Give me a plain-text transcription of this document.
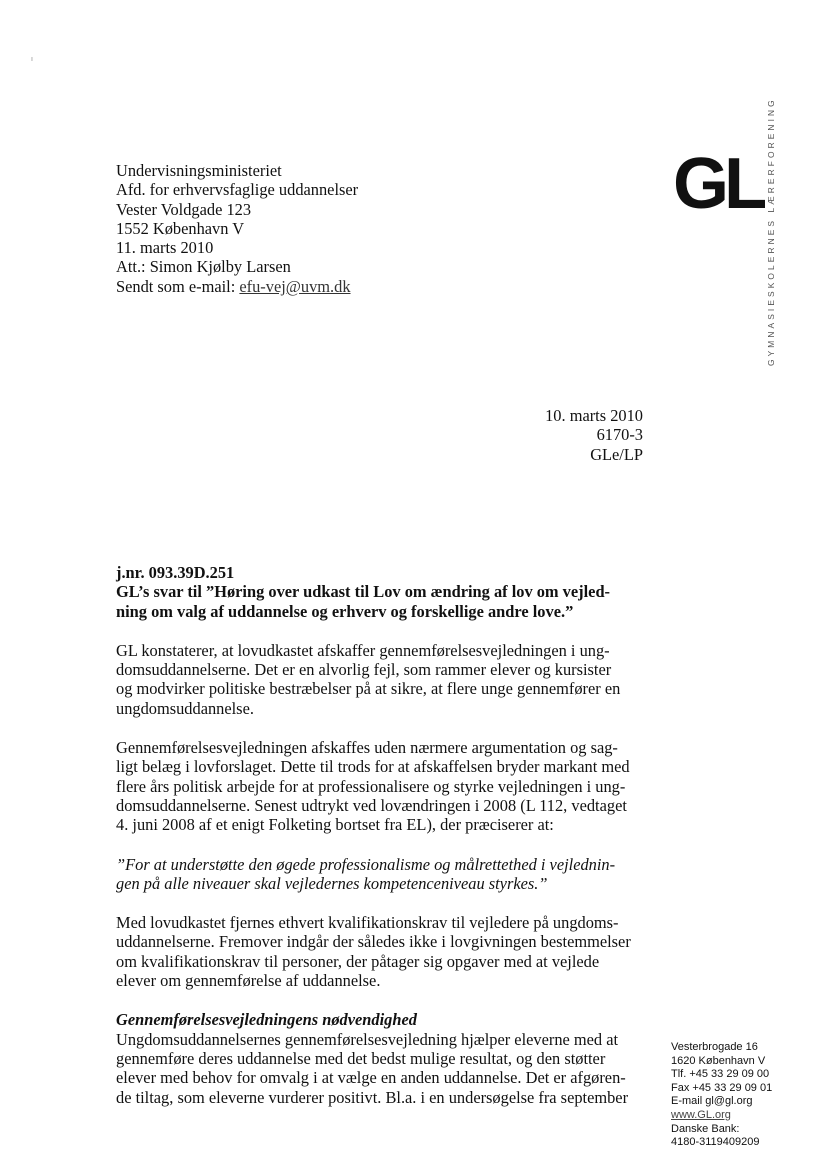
ı
Undervisningsministeriet
Afd. for erhvervsfaglige uddannelser
Vester Voldgade 123
1552 København V
11. marts 2010
Att.: Simon Kjølby Larsen
Sendt som e-mail: efu-vej@uvm.dk
GL GYMNASIESKOLERNES LÆRERFORENING
10. marts 2010
6170-3
GLe/LP
j.nr. 093.39D.251
GL’s svar til ”Høring over udkast til Lov om ændring af lov om vejled-
ning om valg af uddannelse og erhverv og forskellige andre love.”

GL konstaterer, at lovudkastet afskaffer gennemførelsesvejledningen i ung-
domsuddannelserne. Det er en alvorlig fejl, som rammer elever og kursister
og modvirker politiske bestræbelser på at sikre, at flere unge gennemfører en
ungdomsuddannelse.

Gennemførelsesvejledningen afskaffes uden nærmere argumentation og sag-
ligt belæg i lovforslaget. Dette til trods for at afskaffelsen bryder markant med
flere års politisk arbejde for at professionalisere og styrke vejledningen i ung-
domsuddannelserne. Senest udtrykt ved lovændringen i 2008 (L 112, vedtaget
4. juni 2008 af et enigt Folketing bortset fra EL), der præciserer at:

”For at understøtte den øgede professionalisme og målrettethed i vejlednin-
gen på alle niveauer skal vejledernes kompetenceniveau styrkes.”

Med lovudkastet fjernes ethvert kvalifikationskrav til vejledere på ungdoms-
uddannelserne. Fremover indgår der således ikke i lovgivningen bestemmelser
om kvalifikationskrav til personer, der påtager sig opgaver med at vejlede
elever om gennemførelse af uddannelse.

Gennemførelsesvejledningens nødvendighed

Ungdomsuddannelsernes gennemførelsesvejledning hjælper eleverne med at
gennemføre deres uddannelse med det bedst mulige resultat, og den støtter
elever med behov for omvalg i at vælge en anden uddannelse. Det er afgøren-
de tiltag, som eleverne vurderer positivt. Bl.a. i en undersøgelse fra september

Vesterbrogade 16
1620 København V
Tlf. +45 33 29 09 00
Fax +45 33 29 09 01
E-mail gl@gl.org
www.GL.org
Danske Bank:
4180-3119409209
